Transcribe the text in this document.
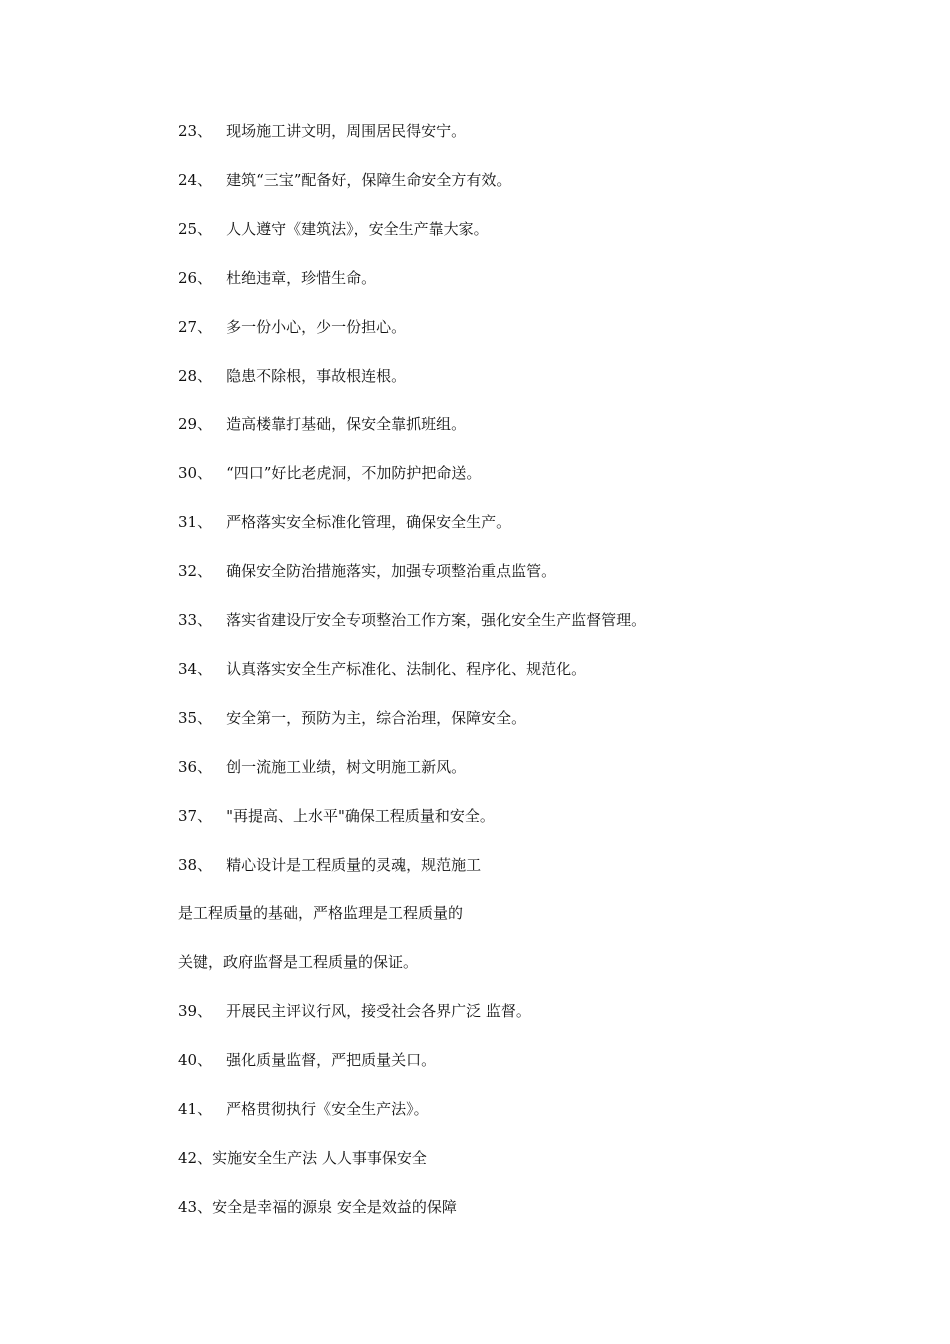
23、 现场施工讲文明，周围居民得安宁。
24、 建筑“三宝”配备好，保障生命安全方有效。
25、 人人遵守《建筑法》，安全生产靠大家。
26、 杜绝违章，珍惜生命。
27、 多一份小心，少一份担心。
28、 隐患不除根，事故根连根。
29、 造高楼靠打基础，保安全靠抓班组。
30、 “四口”好比老虎洞，不加防护把命送。
31、 严格落实安全标准化管理，确保安全生产。
32、 确保安全防治措施落实，加强专项整治重点监管。
33、 落实省建设厅安全专项整治工作方案，强化安全生产监督管理。
34、 认真落实安全生产标准化、法制化、程序化、规范化。
35、 安全第一，预防为主，综合治理，保障安全。
36、 创一流施工业绩，树文明施工新风。
37、 "再提高、上水平"确保工程质量和安全。
38、 精心设计是工程质量的灵魂，规范施工
是工程质量的基础，严格监理是工程质量的
关键，政府监督是工程质量的保证。
39、 开展民主评议行风，接受社会各界广泛 监督。
40、 强化质量监督，严把质量关口。
41、 严格贯彻执行《安全生产法》。
42、实施安全生产法 人人事事保安全
43、安全是幸福的源泉 安全是效益的保障
